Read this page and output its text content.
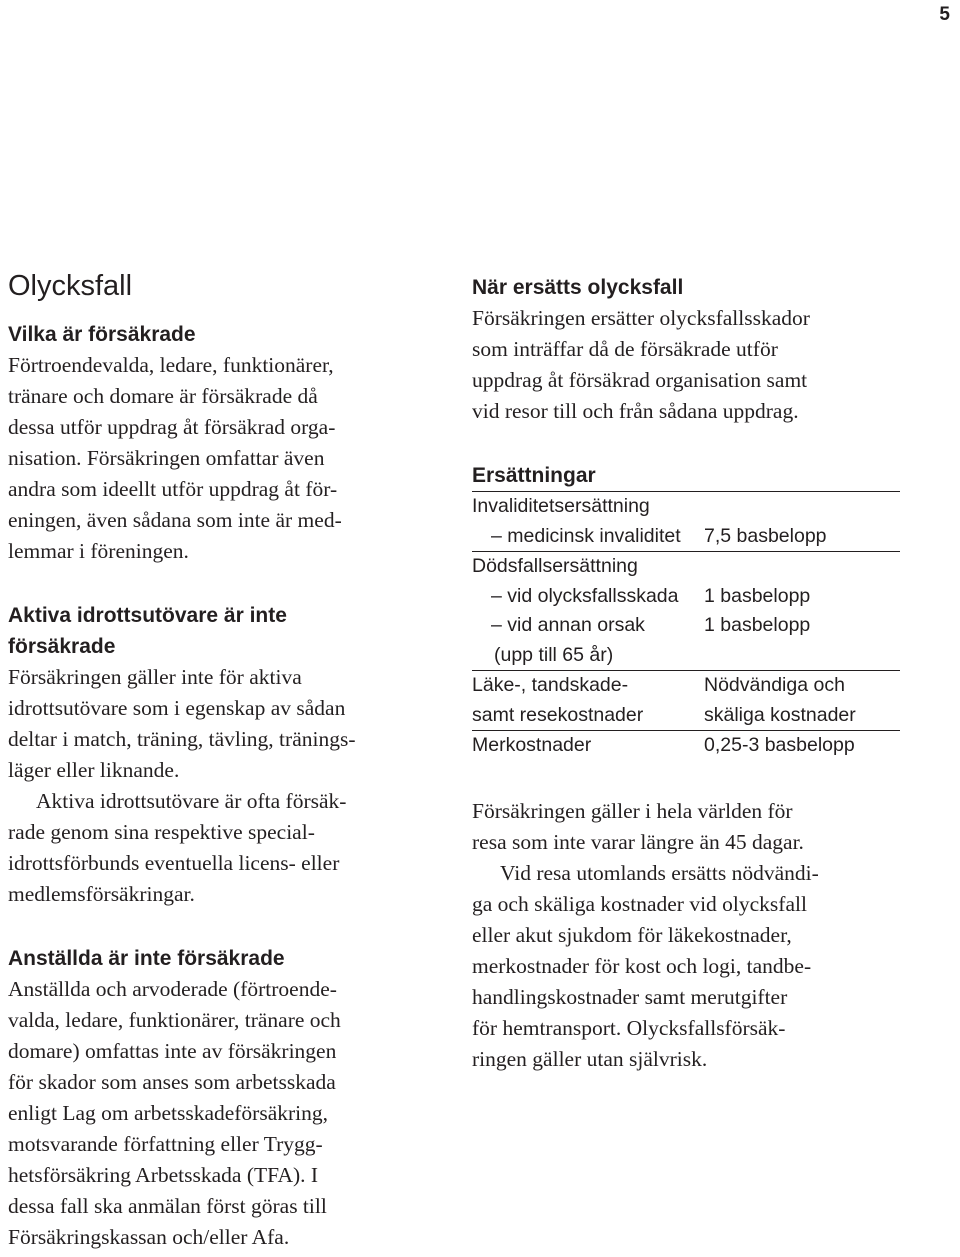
5
Olycksfall
Vilka är försäkrade
Förtroendevalda, ledare, funktionärer,
tränare och domare är försäkrade då
dessa utför uppdrag åt försäkrad orga-
nisation. Försäkringen omfattar även
andra som ideellt utför uppdrag åt för-
eningen, även sådana som inte är med-
lemmar i föreningen.
Aktiva idrottsutövare är inte
försäkrade
Försäkringen gäller inte för aktiva
idrottsutövare som i egenskap av sådan
deltar i match, träning, tävling, tränings-
läger eller liknande.
Aktiva idrottsutövare är ofta försäk-
rade genom sina respektive special-
idrottsförbunds eventuella licens- eller
medlemsförsäkringar.
Anställda är inte försäkrade
Anställda och arvoderade (förtroende-
valda, ledare, funktionärer, tränare och
domare) omfattas inte av försäkringen
för skador som anses som arbetsskada
enligt Lag om arbetsskadeförsäkring,
motsvarande författning eller Trygg-
hetsförsäkring Arbetsskada (TFA). I
dessa fall ska anmälan först göras till
Försäkringskassan och/eller Afa.
När ersätts olycksfall
Försäkringen ersätter olycksfallsskador
som inträffar då de försäkrade utför
uppdrag åt försäkrad organisation samt
vid resor till och från sådana uppdrag.
Ersättningar
Invaliditetsersättning
– medicinsk invaliditet 7,5 basbelopp
Dödsfallsersättning
– vid olycksfallsskada 1 basbelopp
– vid annan orsak	1 basbelopp
(upp till 65 år)
Läke-, tandskade-	Nödvändiga och
samt resekostnader	skäliga kostnader
Merkostnader	0,25-3 basbelopp
Försäkringen gäller i hela världen för
resa som inte varar längre än 45 dagar.
Vid resa utomlands ersätts nödvändi-
ga och skäliga kostnader vid olycksfall
eller akut sjukdom för läkekostnader,
merkostnader för kost och logi, tandbe-
handlingskostnader samt merutgifter
för hemtransport. Olycksfallsförsäk-
ringen gäller utan självrisk.
